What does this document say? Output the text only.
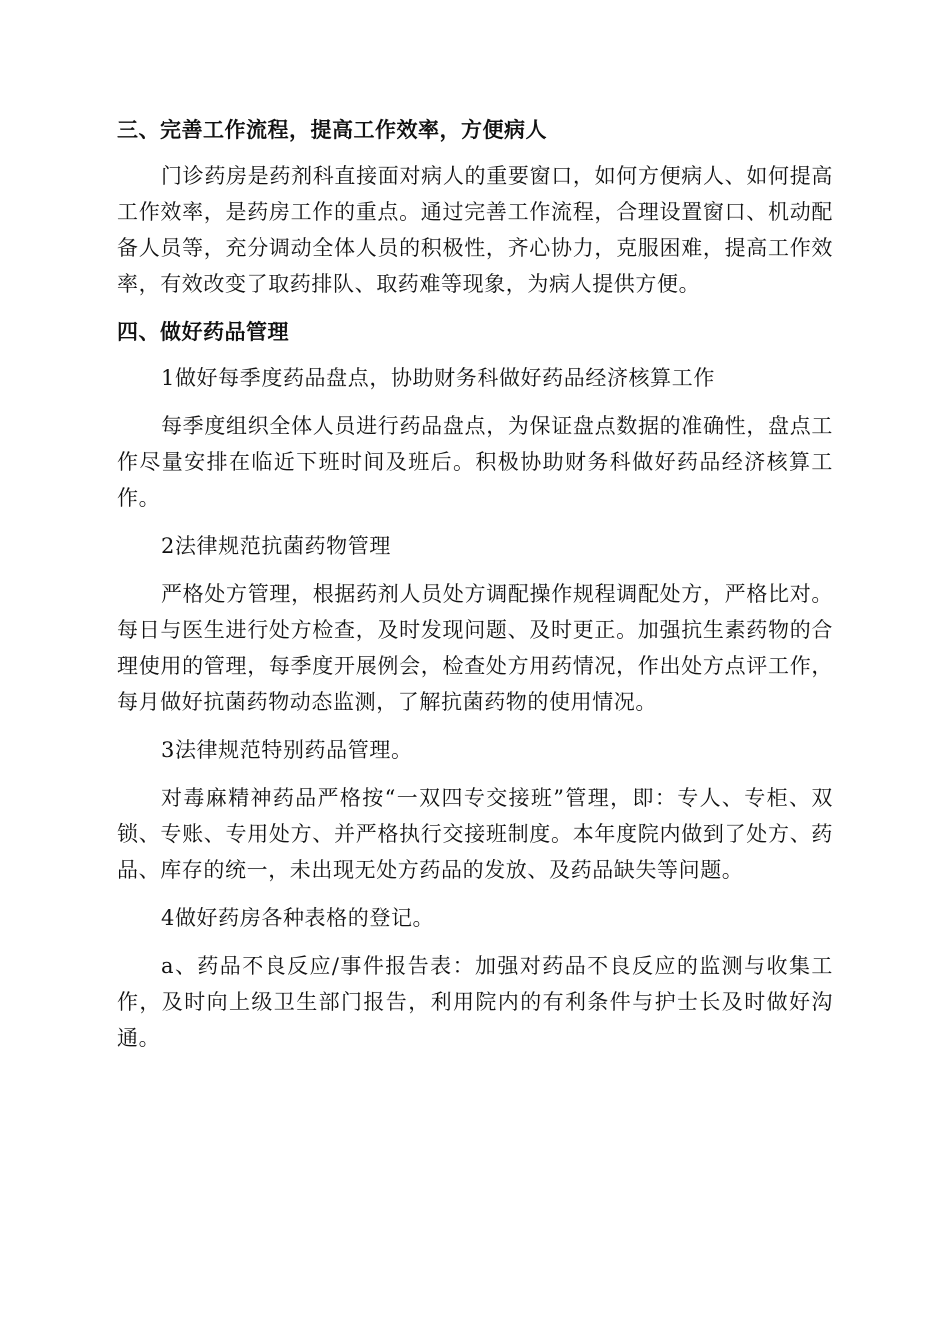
三、完善工作流程，提高工作效率，方便病人

门诊药房是药剂科直接面对病人的重要窗口，如何方便病人、如何提高工作效率，是药房工作的重点。通过完善工作流程，合理设置窗口、机动配备人员等，充分调动全体人员的积极性，齐心协力，克服困难，提高工作效率，有效改变了取药排队、取药难等现象，为病人提供方便。

四、做好药品管理

1做好每季度药品盘点，协助财务科做好药品经济核算工作

每季度组织全体人员进行药品盘点，为保证盘点数据的准确性，盘点工作尽量安排在临近下班时间及班后。积极协助财务科做好药品经济核算工作。

2法律规范抗菌药物管理

严格处方管理，根据药剂人员处方调配操作规程调配处方，严格比对。每日与医生进行处方检查，及时发现问题、及时更正。加强抗生素药物的合理使用的管理，每季度开展例会，检查处方用药情况，作出处方点评工作，每月做好抗菌药物动态监测，了解抗菌药物的使用情况。

3法律规范特别药品管理。

对毒麻精神药品严格按“一双四专交接班”管理，即：专人、专柜、双锁、专账、专用处方、并严格执行交接班制度。本年度院内做到了处方、药品、库存的统一，未出现无处方药品的发放、及药品缺失等问题。

4做好药房各种表格的登记。

a、药品不良反应/事件报告表：加强对药品不良反应的监测与收集工作，及时向上级卫生部门报告，利用院内的有利条件与护士长及时做好沟通。
